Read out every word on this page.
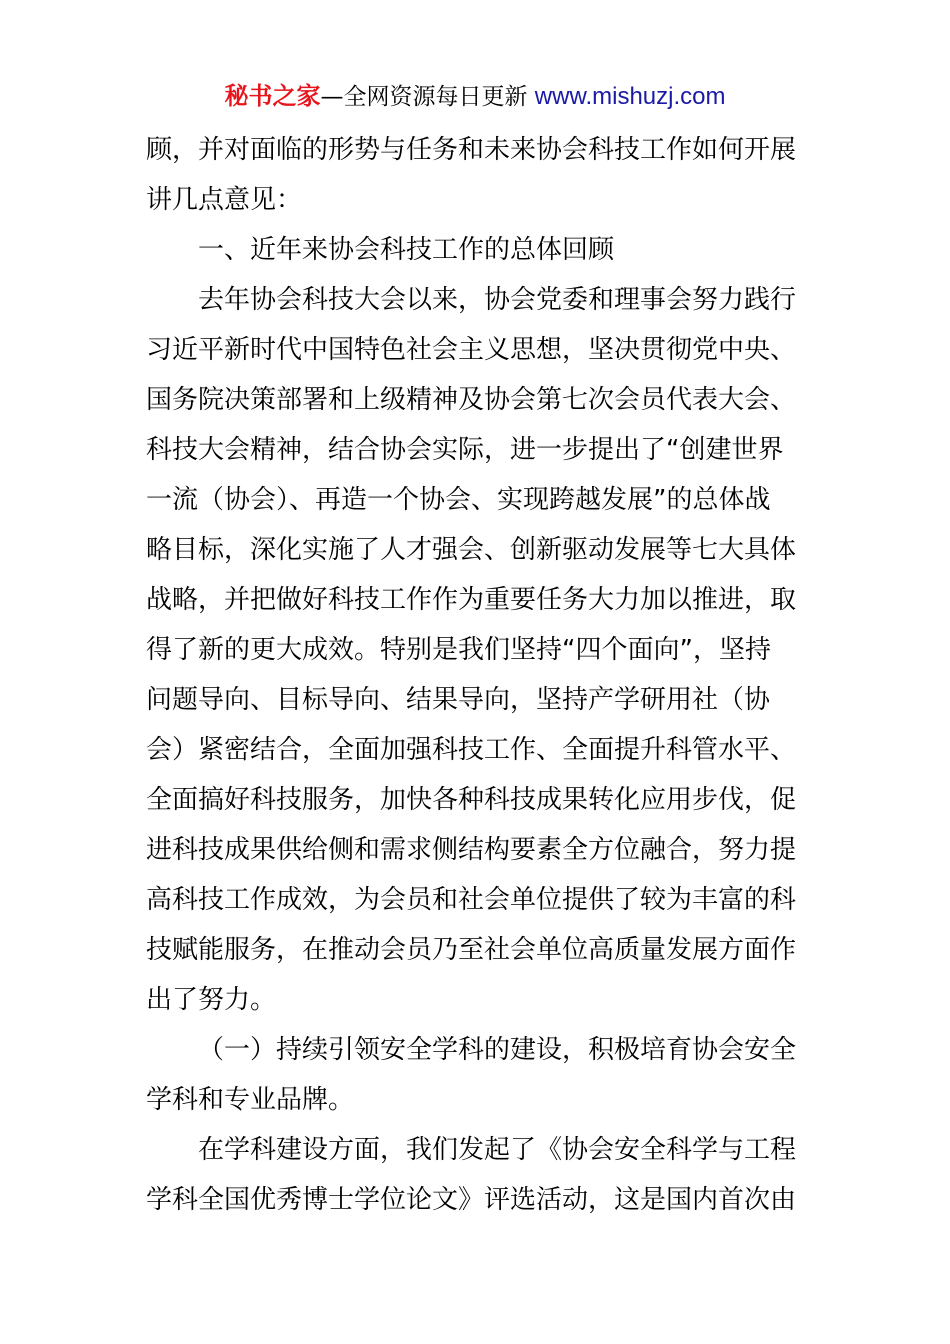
秘书之家—全网资源每日更新 www.mishuzj.com
顾，并对面临的形势与任务和未来协会科技工作如何开展
讲几点意见：
一、近年来协会科技工作的总体回顾
去年协会科技大会以来，协会党委和理事会努力践行
习近平新时代中国特色社会主义思想，坚决贯彻党中央、
国务院决策部署和上级精神及协会第七次会员代表大会、
科技大会精神，结合协会实际，进一步提出了“创建世界
一流（协会）、再造一个协会、实现跨越发展”的总体战
略目标，深化实施了人才强会、创新驱动发展等七大具体
战略，并把做好科技工作作为重要任务大力加以推进，取
得了新的更大成效。特别是我们坚持“四个面向”，坚持
问题导向、目标导向、结果导向，坚持产学研用社（协
会）紧密结合，全面加强科技工作、全面提升科管水平、
全面搞好科技服务，加快各种科技成果转化应用步伐，促
进科技成果供给侧和需求侧结构要素全方位融合，努力提
高科技工作成效，为会员和社会单位提供了较为丰富的科
技赋能服务，在推动会员乃至社会单位高质量发展方面作
出了努力。
（一）持续引领安全学科的建设，积极培育协会安全
学科和专业品牌。
在学科建设方面，我们发起了《协会安全科学与工程
学科全国优秀博士学位论文》评选活动，这是国内首次由
